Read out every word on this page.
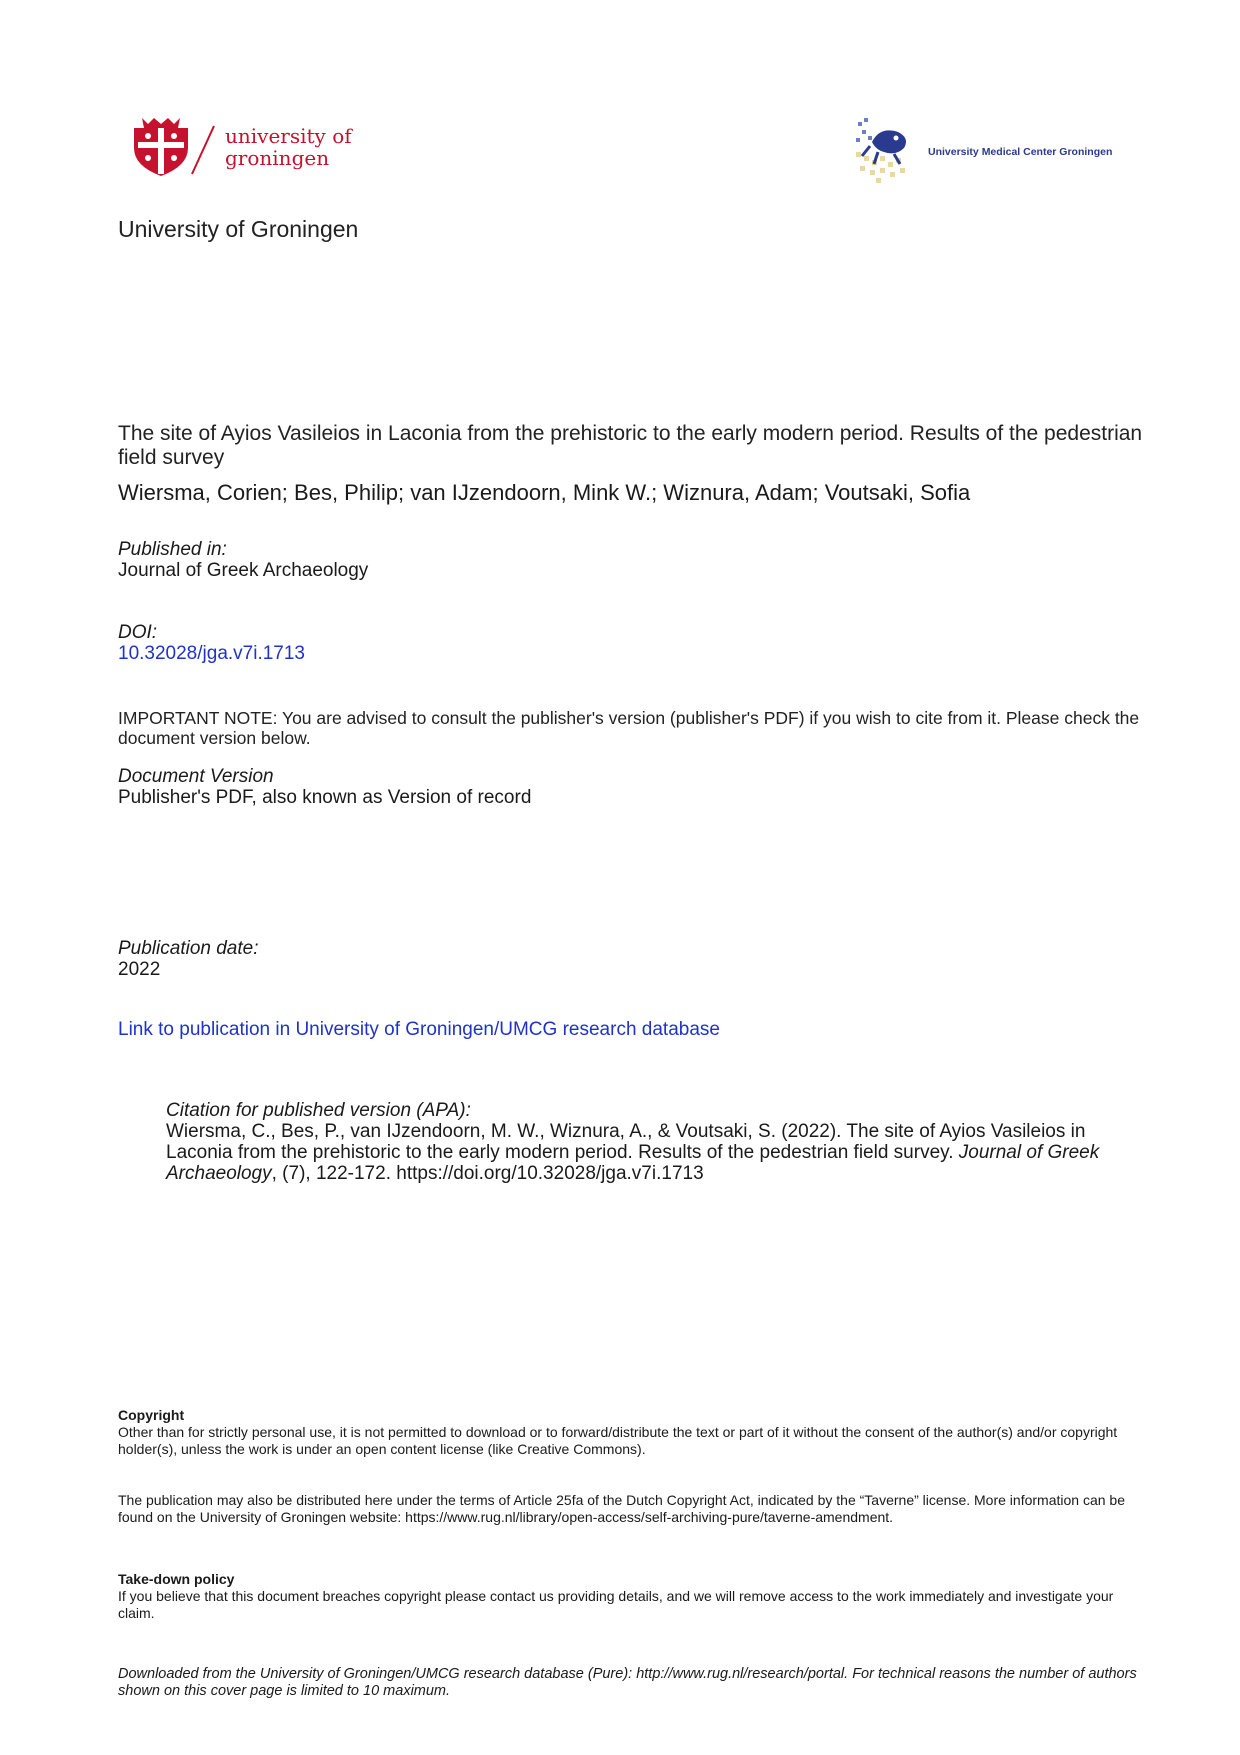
university of
groningen	University Medical Center Groningen
University of Groningen
The site of Ayios Vasileios in Laconia from the prehistoric to the early modern period. Results of the pedestrian field survey
Wiersma, Corien; Bes, Philip; van IJzendoorn, Mink W.; Wiznura, Adam; Voutsaki, Sofia
Published in:
Journal of Greek Archaeology
DOI:
10.32028/jga.v7i.1713
IMPORTANT NOTE: You are advised to consult the publisher's version (publisher's PDF) if you wish to cite from it. Please check the document version below.
Document Version
Publisher's PDF, also known as Version of record
Publication date:
2022
Link to publication in University of Groningen/UMCG research database
Citation for published version (APA):
Wiersma, C., Bes, P., van IJzendoorn, M. W., Wiznura, A., & Voutsaki, S. (2022). The site of Ayios Vasileios in Laconia from the prehistoric to the early modern period. Results of the pedestrian field survey. Journal of Greek Archaeology, (7), 122-172. https://doi.org/10.32028/jga.v7i.1713
Copyright
Other than for strictly personal use, it is not permitted to download or to forward/distribute the text or part of it without the consent of the author(s) and/or copyright holder(s), unless the work is under an open content license (like Creative Commons).
The publication may also be distributed here under the terms of Article 25fa of the Dutch Copyright Act, indicated by the “Taverne” license. More information can be found on the University of Groningen website: https://www.rug.nl/library/open-access/self-archiving-pure/taverne-amendment.
Take-down policy
If you believe that this document breaches copyright please contact us providing details, and we will remove access to the work immediately and investigate your claim.
Downloaded from the University of Groningen/UMCG research database (Pure): http://www.rug.nl/research/portal. For technical reasons the number of authors shown on this cover page is limited to 10 maximum.
